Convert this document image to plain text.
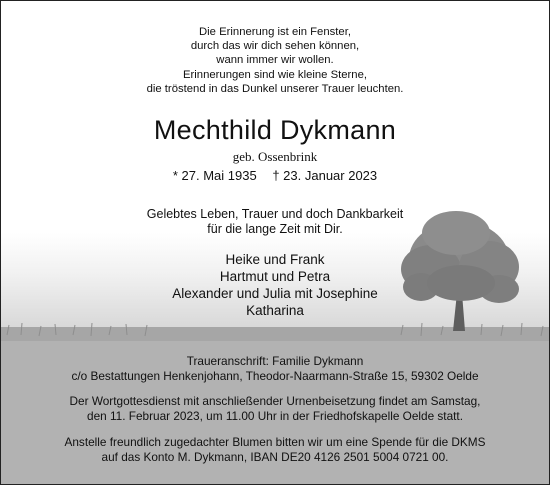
Die Erinnerung ist ein Fenster,
durch das wir dich sehen können,
wann immer wir wollen.
Erinnerungen sind wie kleine Sterne,
die tröstend in das Dunkel unserer Trauer leuchten.
Mechthild Dykmann
geb. Ossenbrink
* 27. Mai 1935 † 23. Januar 2023
Gelebtes Leben, Trauer und doch Dankbarkeit
für die lange Zeit mit Dir.
Heike und Frank
Hartmut und Petra
Alexander und Julia mit Josephine
Katharina
Traueranschrift: Familie Dykmann
c/o Bestattungen Henkenjohann, Theodor-Naarmann-Straße 15, 59302 Oelde
Der Wortgottesdienst mit anschließender Urnenbeisetzung findet am Samstag,
den 11. Februar 2023, um 11.00 Uhr in der Friedhofskapelle Oelde statt.
Anstelle freundlich zugedachter Blumen bitten wir um eine Spende für die DKMS
auf das Konto M. Dykmann, IBAN DE20 4126 2501 5004 0721 00.
